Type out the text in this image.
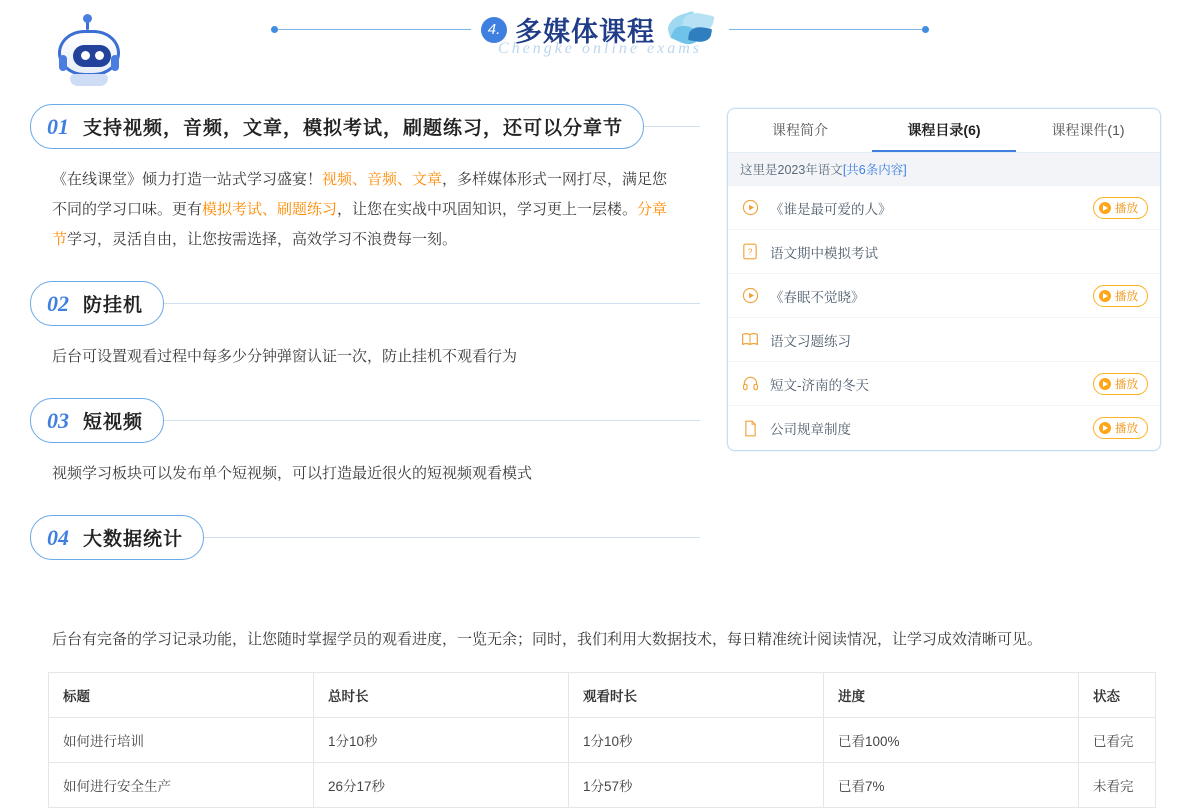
4. 多媒体课程
Chengke online exams
01 支持视频，音频，文章，模拟考试，刷题练习，还可以分章节
《在线课堂》倾力打造一站式学习盛宴！视频、音频、文章，多样媒体形式一网打尽，满足您不同的学习口味。更有模拟考试、刷题练习，让您在实战中巩固知识，学习更上一层楼。分章节学习，灵活自由，让您按需选择，高效学习不浪费每一刻。
02 防挂机
后台可设置观看过程中每多少分钟弹窗认证一次，防止挂机不观看行为
03 短视频
视频学习板块可以发布单个短视频，可以打造最近很火的短视频观看模式
04 大数据统计
后台有完备的学习记录功能，让您随时掌握学员的观看进度，一览无余；同时，我们利用大数据技术，每日精准统计阅读情况，让学习成效清晰可见。
课程简介	课程目录(6)	课程课件(1)
这里是2023年语文[共6条内容]
《谁是最可爱的人》	播放
? 语文期中模拟考试
《春眠不觉晓》	播放
语文习题练习
短文-济南的冬天	播放
公司规章制度	播放
标题	总时长	观看时长	进度	状态
如何进行培训	1分10秒	1分10秒	已看100%	已看完
如何进行安全生产	26分17秒	1分57秒	已看7%	未看完
